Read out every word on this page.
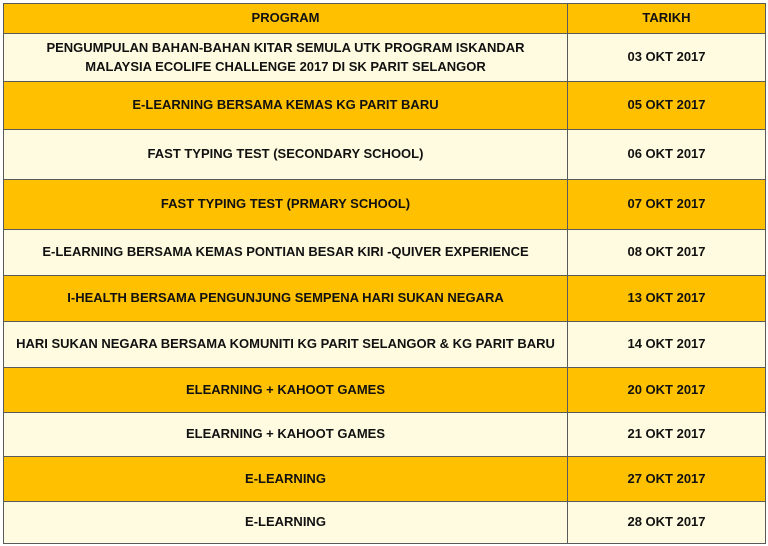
PROGRAM	TARIKH
PENGUMPULAN BAHAN-BAHAN KITAR SEMULA UTK PROGRAM ISKANDAR
MALAYSIA ECOLIFE CHALLENGE 2017 DI SK PARIT SELANGOR	03 OKT 2017
E-LEARNING BERSAMA KEMAS KG PARIT BARU	05 OKT 2017
FAST TYPING TEST (SECONDARY SCHOOL)	06 OKT 2017
FAST TYPING TEST (PRMARY SCHOOL)	07 OKT 2017
E-LEARNING BERSAMA KEMAS PONTIAN BESAR KIRI -QUIVER EXPERIENCE	08 OKT 2017
I-HEALTH BERSAMA PENGUNJUNG SEMPENA HARI SUKAN NEGARA	13 OKT 2017
HARI SUKAN NEGARA BERSAMA KOMUNITI KG PARIT SELANGOR & KG PARIT BARU	14 OKT 2017
ELEARNING + KAHOOT GAMES	20 OKT 2017
ELEARNING + KAHOOT GAMES	21 OKT 2017
E-LEARNING	27 OKT 2017
E-LEARNING	28 OKT 2017
